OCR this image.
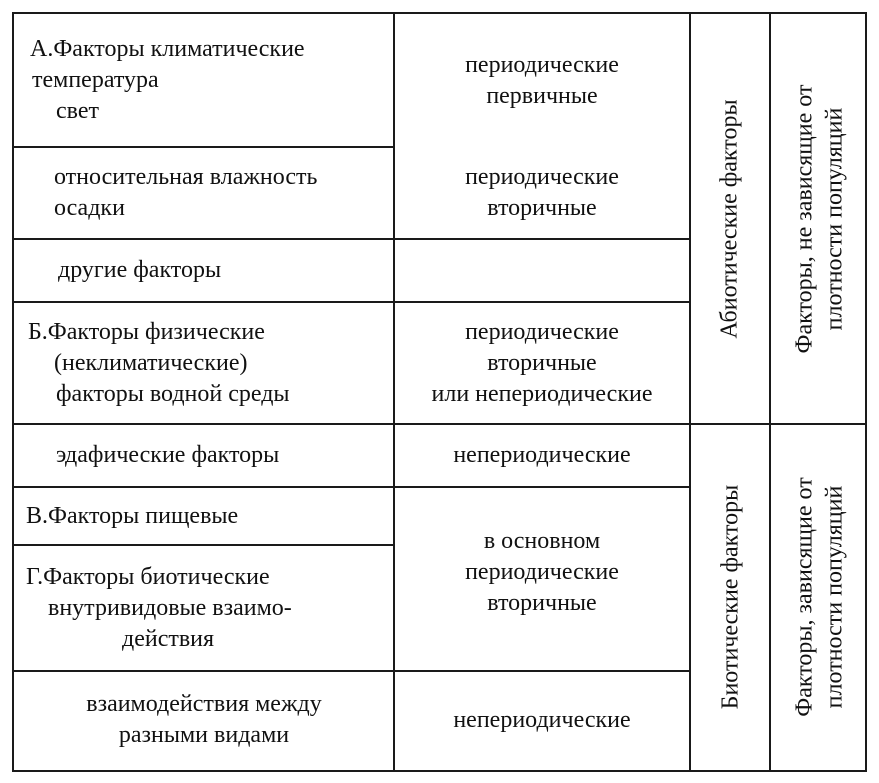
А.Факторы климатические
температура
свет
периодические
первичные
относительная влажность
осадки
периодические
вторичные
другие факторы
Б.Факторы физические
(неклиматические)
факторы водной среды
периодические
вторичные
или непериодические
эдафические факторы	непериодические
В.Факторы пищевые
Г.Факторы биотические
внутривидовые взаимо-
действия
в основном
периодические
вторичные
взаимодействия между
разными видами
непериодические
Абиотические факторы Факторы, не зависящие от плотности популяций
Биотические факторы Факторы, зависящие от плотности популяций
